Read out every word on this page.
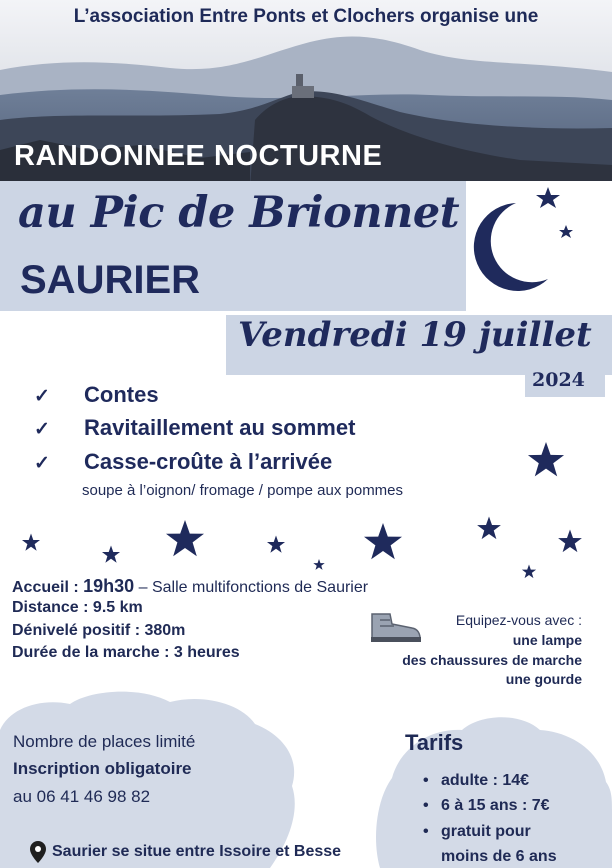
L’association Entre Ponts et Clochers organise une
RANDONNEE NOCTURNE
au Pic de Brionnet
SAURIER
Vendredi 19 juillet
2024
✓ Contes
✓ Ravitaillement au sommet
✓ Casse-croûte à l’arrivée
soupe à l’oignon/ fromage / pompe aux pommes
Accueil : 19h30 – Salle multifonctions de Saurier
Distance : 9.5 km
Dénivelé positif : 380m
Durée de la marche : 3 heures
Equipez-vous avec :
une lampe
des chaussures de marche
une gourde
Nombre de places limité
Inscription obligatoire
au 06 41 46 98 82
Tarifs
• adulte : 14€
• 6 à 15 ans : 7€
• gratuit pour
moins de 6 ans
Saurier se situe entre Issoire et Besse
